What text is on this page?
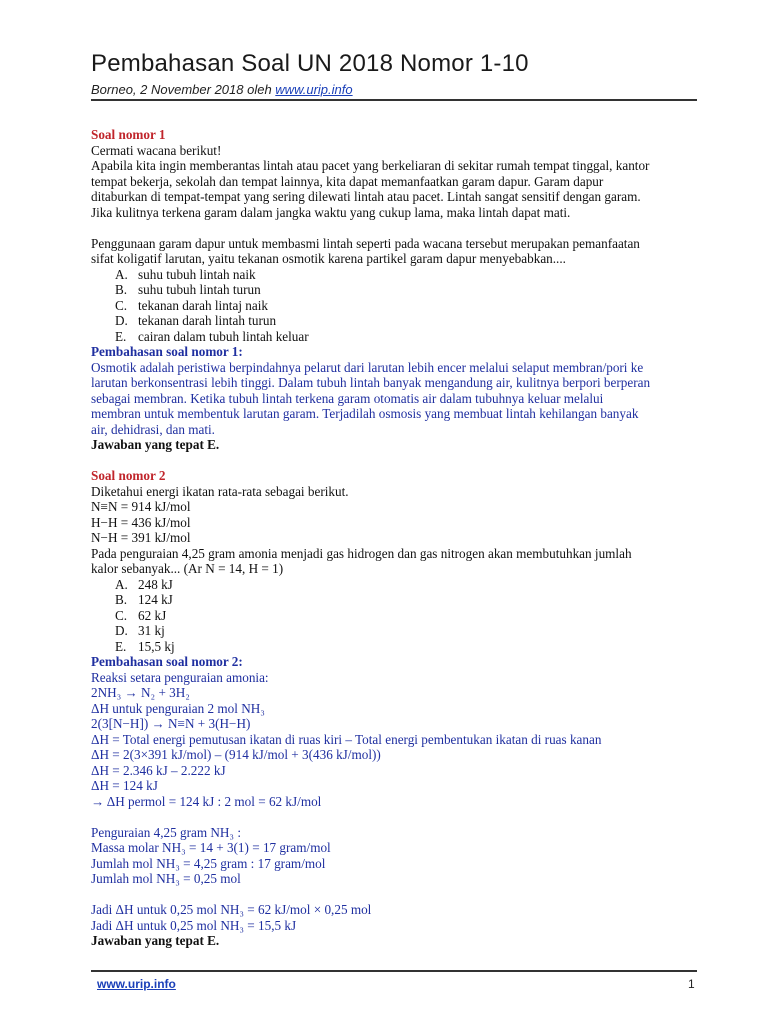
Pembahasan Soal UN 2018 Nomor 1-10
Borneo, 2 November 2018 oleh www.urip.info

Soal nomor 1

Cermati wacana berikut!

Apabila kita ingin memberantas lintah atau pacet yang berkeliaran di sekitar rumah tempat tinggal, kantor

tempat bekerja, sekolah dan tempat lainnya, kita dapat memanfaatkan garam dapur. Garam dapur

ditaburkan di tempat-tempat yang sering dilewati lintah atau pacet. Lintah sangat sensitif dengan garam.

Jika kulitnya terkena garam dalam jangka waktu yang cukup lama, maka lintah dapat mati.

Penggunaan garam dapur untuk membasmi lintah seperti pada wacana tersebut merupakan pemanfaatan

sifat koligatif larutan, yaitu tekanan osmotik karena partikel garam dapur menyebabkan....

A. suhu tubuh lintah naik
B. suhu tubuh lintah turun
C. tekanan darah lintaj naik
D. tekanan darah lintah turun
E. cairan dalam tubuh lintah keluar

Pembahasan soal nomor 1:

Osmotik adalah peristiwa berpindahnya pelarut dari larutan lebih encer melalui selaput membran/pori ke

larutan berkonsentrasi lebih tinggi. Dalam tubuh lintah banyak mengandung air, kulitnya berpori berperan

sebagai membran. Ketika tubuh lintah terkena garam otomatis air dalam tubuhnya keluar melalui

membran untuk membentuk larutan garam. Terjadilah osmosis yang membuat lintah kehilangan banyak

air, dehidrasi, dan mati.

Jawaban yang tepat E.

Soal nomor 2

Diketahui energi ikatan rata-rata sebagai berikut.

N≡N = 914 kJ/mol

H−H = 436 kJ/mol

N−H = 391 kJ/mol

Pada penguraian 4,25 gram amonia menjadi gas hidrogen dan gas nitrogen akan membutuhkan jumlah

kalor sebanyak... (Ar N = 14, H = 1)

A. 248 kJ
B. 124 kJ
C. 62 kJ
D. 31 kj
E. 15,5 kj

Pembahasan soal nomor 2:

Reaksi setara penguraian amonia:

2NH₃ → N₂ + 3H₂

ΔH untuk penguraian 2 mol NH₃

2(3[N−H]) → N≡N + 3(H−H)

ΔH = Total energi pemutusan ikatan di ruas kiri – Total energi pembentukan ikatan di ruas kanan

ΔH = 2(3×391 kJ/mol) – (914 kJ/mol + 3(436 kJ/mol))

ΔH = 2.346 kJ – 2.222 kJ

ΔH = 124 kJ

→ ΔH permol = 124 kJ : 2 mol = 62 kJ/mol

Penguraian 4,25 gram NH₃ :

Massa molar NH₃ = 14 + 3(1) = 17 gram/mol

Jumlah mol NH₃ = 4,25 gram : 17 gram/mol

Jumlah mol NH₃ = 0,25 mol

Jadi ΔH untuk 0,25 mol NH₃ = 62 kJ/mol × 0,25 mol

Jadi ΔH untuk 0,25 mol NH₃ = 15,5 kJ

Jawaban yang tepat E.

www.urip.info	1
